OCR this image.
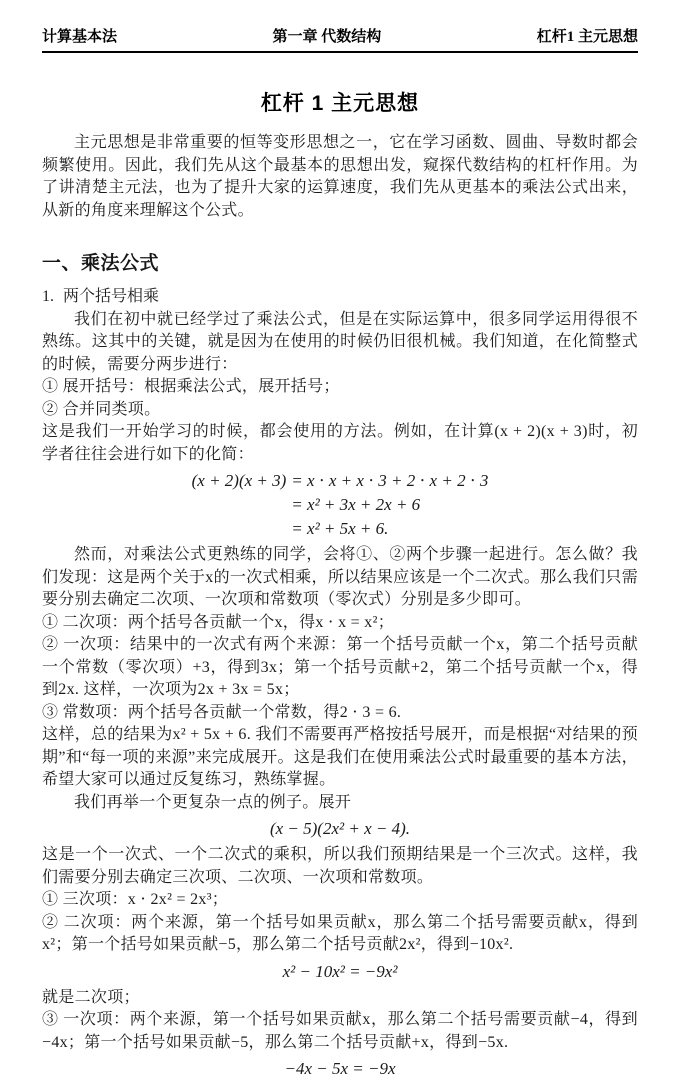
计算基本法	第一章 代数结构	杠杆1 主元思想
杠杆 1 主元思想

主元思想是非常重要的恒等变形思想之一，它在学习函数、圆曲、导数时都会频繁使用。因此，我们先从这个最基本的思想出发，窥探代数结构的杠杆作用。为了讲清楚主元法，也为了提升大家的运算速度，我们先从更基本的乘法公式出来，从新的角度来理解这个公式。

一、乘法公式

1. 两个括号相乘

我们在初中就已经学过了乘法公式，但是在实际运算中，很多同学运用得很不熟练。这其中的关键，就是因为在使用的时候仍旧很机械。我们知道，在化简整式的时候，需要分两步进行：

① 展开括号：根据乘法公式，展开括号；

② 合并同类项。

这是我们一开始学习的时候，都会使用的方法。例如，在计算(x + 2)(x + 3)时，初学者往往会进行如下的化简：

(x + 2)(x + 3) = x ⋅ x + x ⋅ 3 + 2 ⋅ x + 2 ⋅ 3
= x² + 3x + 2x + 6
= x² + 5x + 6.

然而，对乘法公式更熟练的同学，会将①、②两个步骤一起进行。怎么做？我们发现：这是两个关于x的一次式相乘，所以结果应该是一个二次式。那么我们只需要分别去确定二次项、一次项和常数项（零次式）分别是多少即可。

① 二次项：两个括号各贡献一个x，得x ⋅ x = x²；

② 一次项：结果中的一次式有两个来源：第一个括号贡献一个x，第二个括号贡献一个常数（零次项）+3，得到3x；第一个括号贡献+2，第二个括号贡献一个x，得到2x. 这样，一次项为2x + 3x = 5x；

③ 常数项：两个括号各贡献一个常数，得2 ⋅ 3 = 6.

这样，总的结果为x² + 5x + 6. 我们不需要再严格按括号展开，而是根据“对结果的预期”和“每一项的来源”来完成展开。这是我们在使用乘法公式时最重要的基本方法，希望大家可以通过反复练习，熟练掌握。

我们再举一个更复杂一点的例子。展开

(x − 5)(2x² + x − 4).

这是一个一次式、一个二次式的乘积，所以我们预期结果是一个三次式。这样，我们需要分别去确定三次项、二次项、一次项和常数项。

① 三次项：x ⋅ 2x² = 2x³；

② 二次项：两个来源，第一个括号如果贡献x，那么第二个括号需要贡献x，得到x²；第一个括号如果贡献−5，那么第二个括号贡献2x²，得到−10x².

x² − 10x² = −9x²

就是二次项；

③ 一次项：两个来源，第一个括号如果贡献x，那么第二个括号需要贡献−4，得到−4x；第一个括号如果贡献−5，那么第二个括号贡献+x，得到−5x.

−4x − 5x = −9x
